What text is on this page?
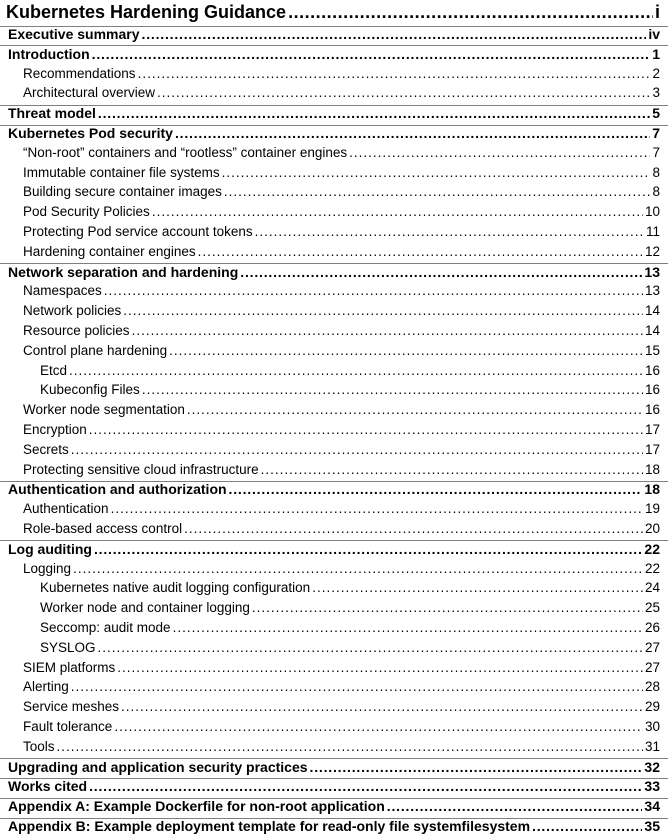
Kubernetes Hardening Guidance .....	i
Executive summary .....	iv
Introduction .....	1
Recommendations .....	2
Architectural overview .....	3
Threat model .....	5
Kubernetes Pod security .....	7
“Non-root” containers and “rootless” container engines .....	7
Immutable container file systems .....	8
Building secure container images .....	8
Pod Security Policies .....	10
Protecting Pod service account tokens .....	11
Hardening container engines .....	12
Network separation and hardening .....	13
Namespaces .....	13
Network policies .....	14
Resource policies .....	14
Control plane hardening .....	15
Etcd .....	16
Kubeconfig Files .....	16
Worker node segmentation .....	16
Encryption .....	17
Secrets .....	17
Protecting sensitive cloud infrastructure .....	18
Authentication and authorization .....	18
Authentication .....	19
Role-based access control .....	20
Log auditing .....	22
Logging .....	22
Kubernetes native audit logging configuration .....	24
Worker node and container logging .....	25
Seccomp: audit mode .....	26
SYSLOG .....	27
SIEM platforms .....	27
Alerting .....	28
Service meshes .....	29
Fault tolerance .....	30
Tools .....	31
Upgrading and application security practices .....	32
Works cited .....	33
Appendix A: Example Dockerfile for non-root application .....	34
Appendix B: Example deployment template for read-only file systemfilesystem .....	35
